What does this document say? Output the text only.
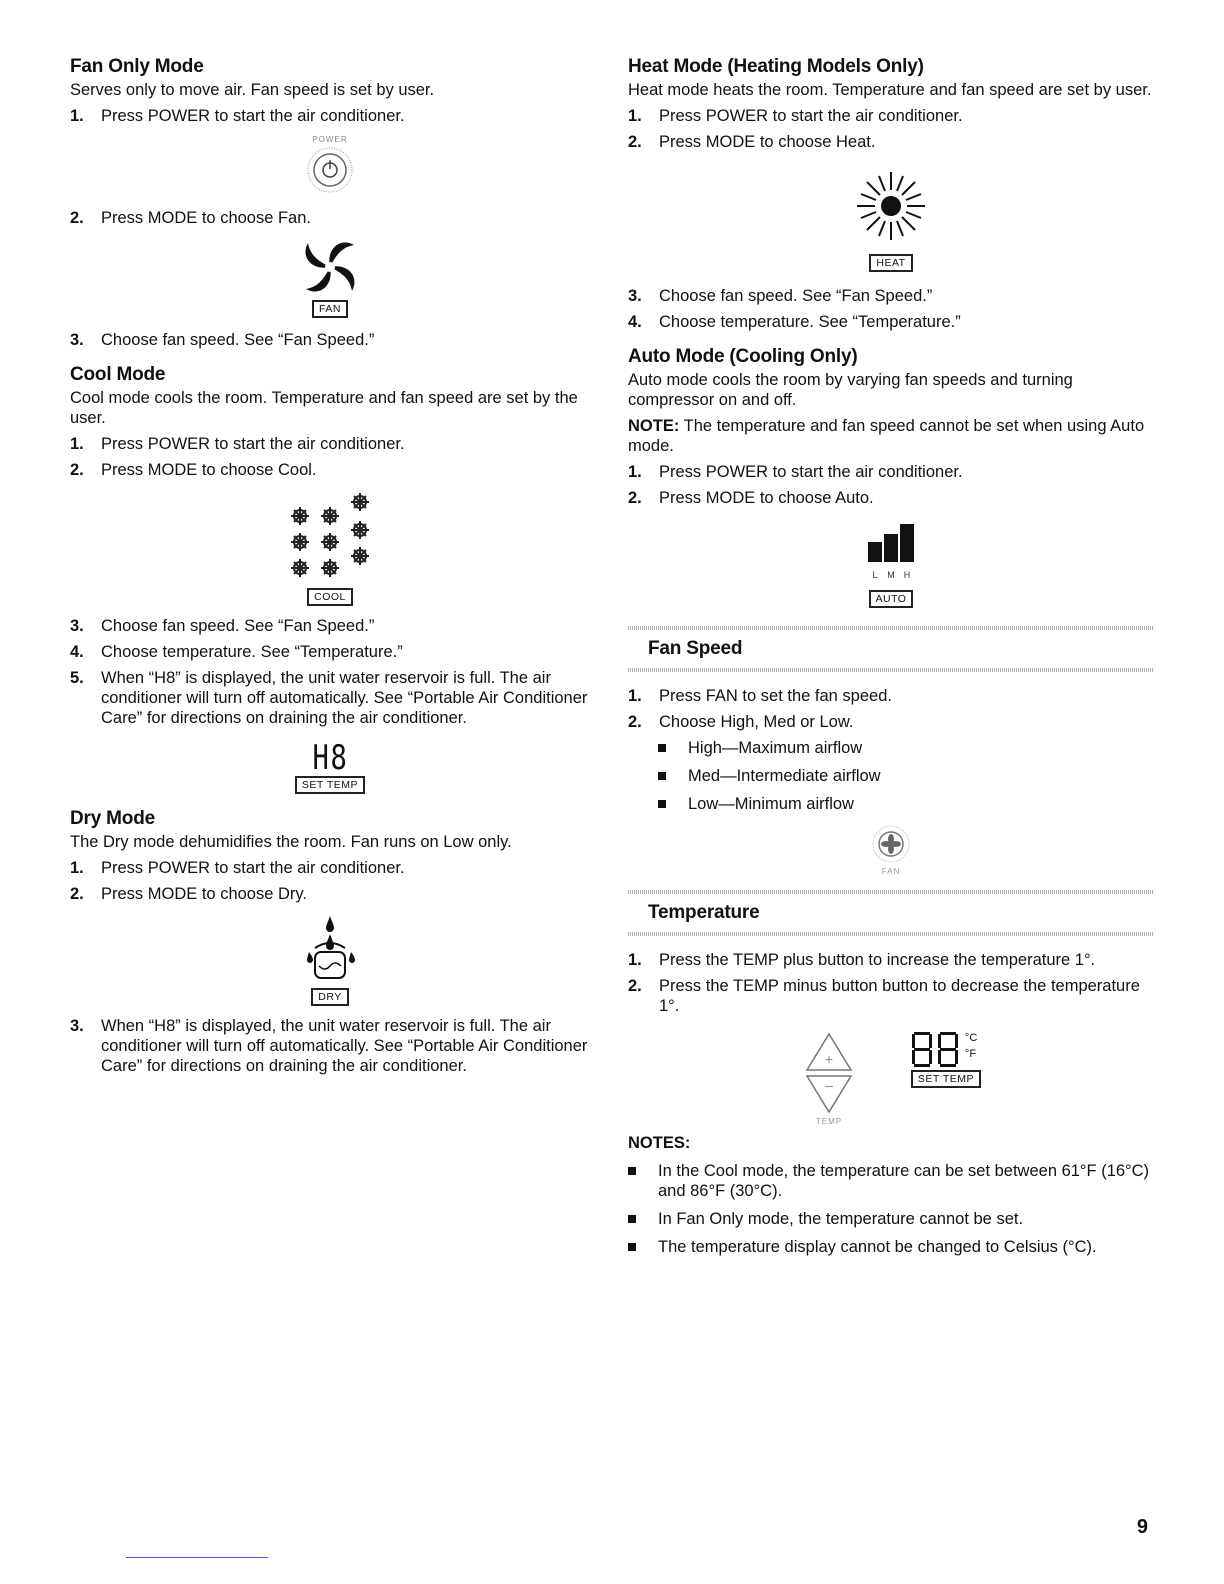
Fan Only Mode

Serves only to move air. Fan speed is set by user.

1. Press POWER to start the air conditioner.
POWER
2. Press MODE to choose Fan.
FAN
3. Choose fan speed. See “Fan Speed.”
Cool Mode

Cool mode cools the room. Temperature and fan speed are set by the user.

1. Press POWER to start the air conditioner.
2. Press MODE to choose Cool.
COOL
3. Choose fan speed. See “Fan Speed.”
4. Choose temperature. See “Temperature.”
5. When “H8” is displayed, the unit water reservoir is full. The air conditioner will turn off automatically. See “Portable Air Conditioner Care” for directions on draining the air conditioner.
H8
SET TEMP
Dry Mode

The Dry mode dehumidifies the room. Fan runs on Low only.

1. Press POWER to start the air conditioner.
2. Press MODE to choose Dry.
DRY
3. When “H8” is displayed, the unit water reservoir is full. The air conditioner will turn off automatically. See “Portable Air Conditioner Care” for directions on draining the air conditioner.
Heat Mode (Heating Models Only)

Heat mode heats the room. Temperature and fan speed are set by user.

1. Press POWER to start the air conditioner.
2. Press MODE to choose Heat.
HEAT
3. Choose fan speed. See “Fan Speed.”
4. Choose temperature. See “Temperature.”
Auto Mode (Cooling Only)

Auto mode cools the room by varying fan speeds and turning compressor on and off.

NOTE: The temperature and fan speed cannot be set when using Auto mode.

1. Press POWER to start the air conditioner.
2. Press MODE to choose Auto.
L M H
AUTO
Fan Speed
1. Press FAN to set the fan speed.
2. Choose High, Med or Low.
High—Maximum airflow
Med—Intermediate airflow
Low—Minimum airflow
FAN
Temperature
1. Press the TEMP plus button to increase the temperature 1°.
2. Press the TEMP minus button button to decrease the temperature 1°.
+
–
TEMP
°C
°F
SET TEMP
NOTES:
In the Cool mode, the temperature can be set between 61°F (16°C) and 86°F (30°C).
In Fan Only mode, the temperature cannot be set.
The temperature display cannot be changed to Celsius (°C).
9
